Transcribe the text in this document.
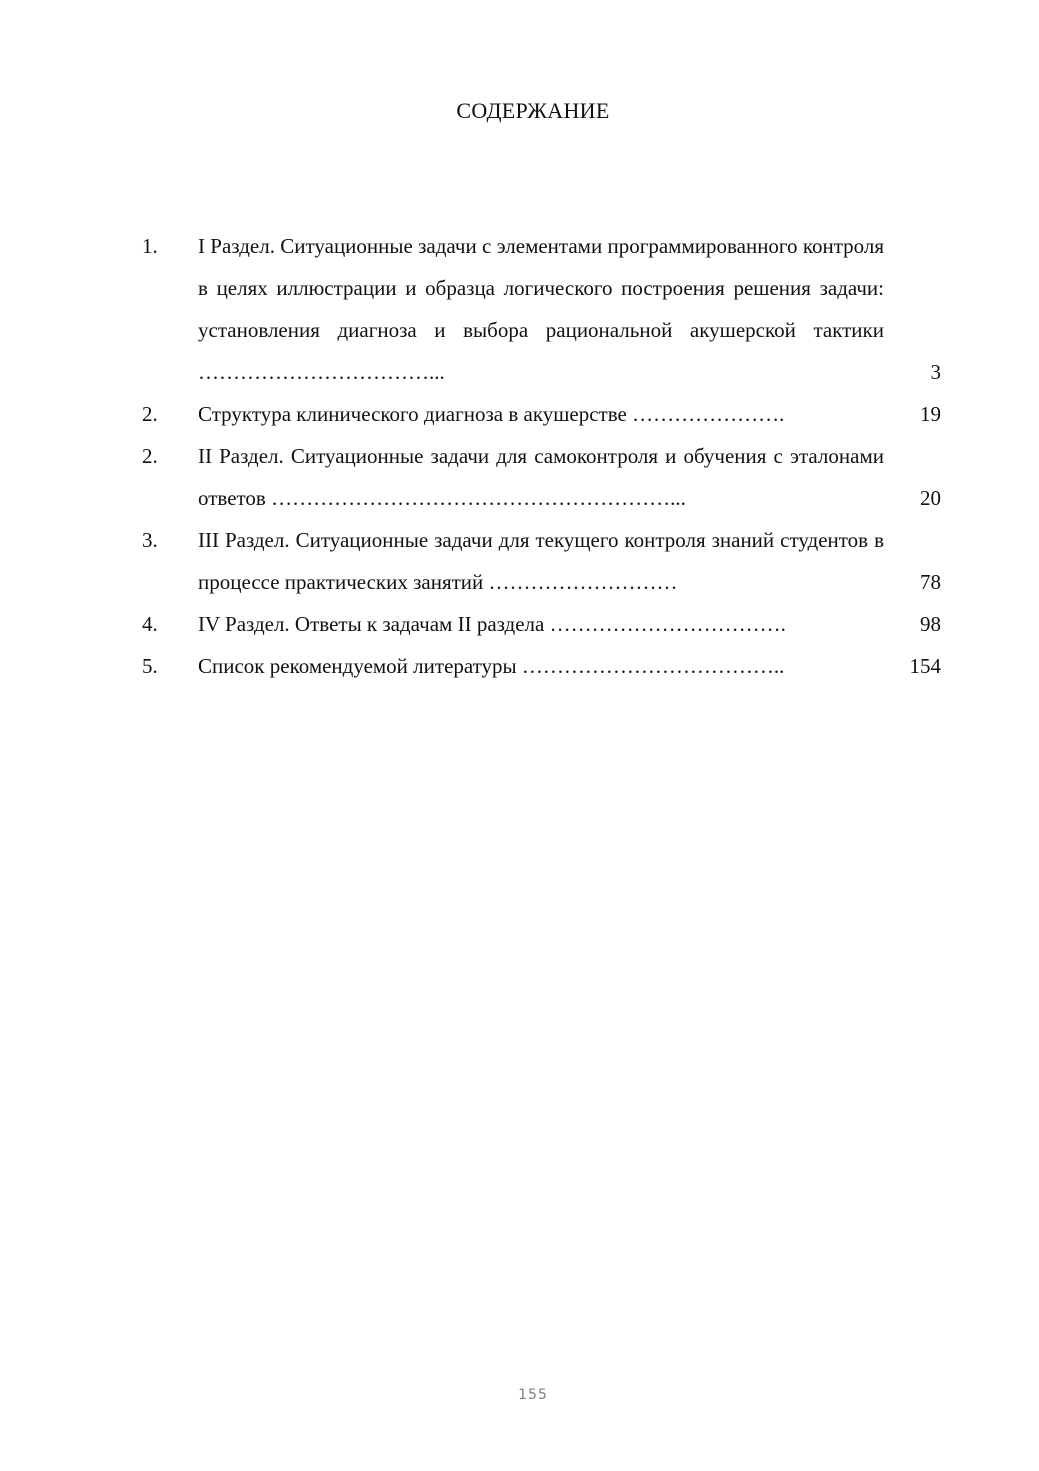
СОДЕРЖАНИЕ
1. I Раздел. Ситуационные задачи с элементами программированного контроля в целях иллюстрации и образца логического построения решения задачи: установления диагноза и выбора рациональной акушерской тактики ……………………………...	3
2. Структура клинического диагноза в акушерстве ………………….	19
2. II Раздел. Ситуационные задачи для самоконтроля и обучения с эталонами ответов …………………………………………………...	20
3. III Раздел. Ситуационные задачи для текущего контроля знаний студентов в процессе практических занятий ………………………	78
4. IV Раздел. Ответы к задачам II раздела …………………………….	98
5. Список рекомендуемой литературы ………………………………..	154
155
